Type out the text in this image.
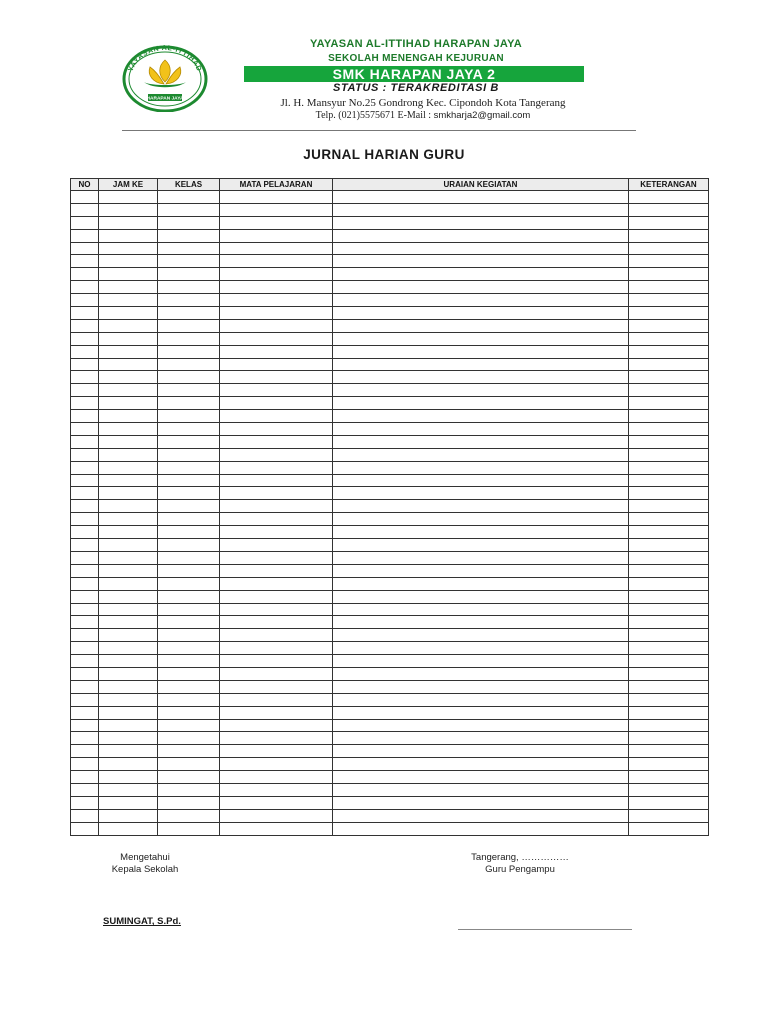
YAYASAN AL-ITTIHAD
HARAPAN JAYA
YAYASAN AL-ITTIHAD HARAPAN JAYA
SEKOLAH MENENGAH KEJURUAN
SMK HARAPAN JAYA 2
STATUS : TERAKREDITASI B
Jl. H. Mansyur No.25 Gondrong Kec. Cipondoh Kota Tangerang
Telp. (021)5575671 E-Mail : smkharja2@gmail.com
JURNAL HARIAN GURU
NO	JAM KE	KELAS	MATA PELAJARAN	URAIAN KEGIATAN	KETERANGAN

Mengetahui
Kepala Sekolah
Tangerang, ……………
Guru Pengampu
SUMINGAT, S.Pd.
